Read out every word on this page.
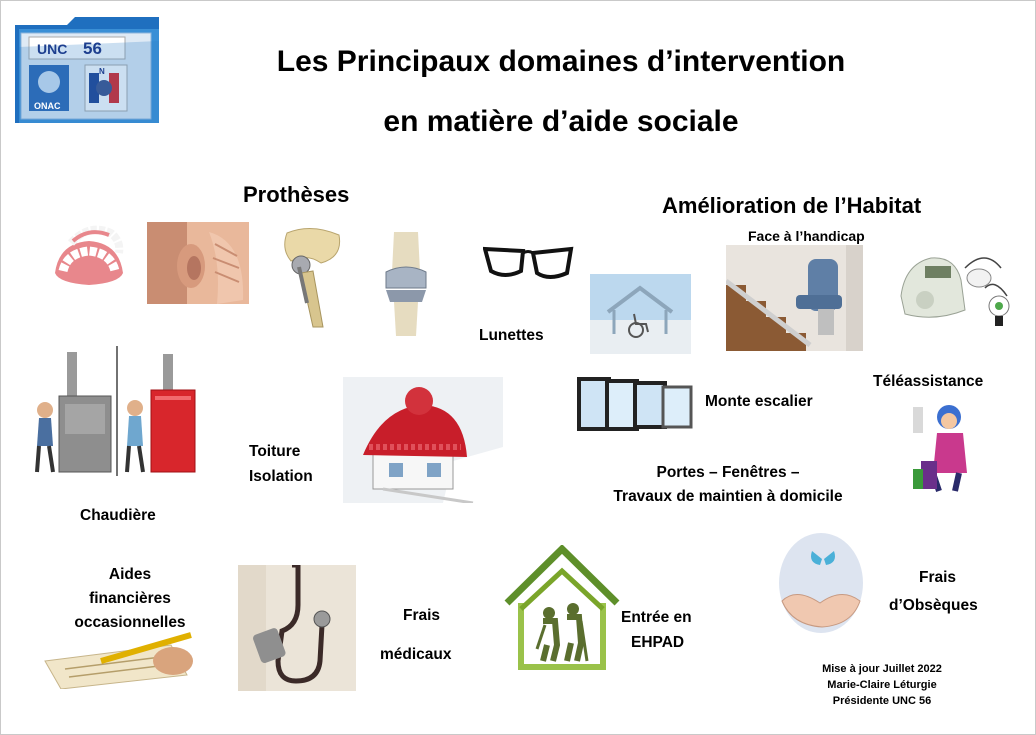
UNC 56
ONAC
N	Les Principaux domaines d’intervention
en matière d’aide sociale
Prothèses	Amélioration de l’Habitat
Lunettes
Face à l’handicap
Chaudière
Toiture
Isolation
Monte escalier
Téléassistance
Portes – Fenêtres –
Travaux de maintien à domicile
Aides
financières
occasionnelles	Frais
médicaux
Entrée en
EHPAD
Frais
d’Obsèques
Mise à jour Juillet 2022
Marie-Claire Léturgie
Présidente UNC 56
